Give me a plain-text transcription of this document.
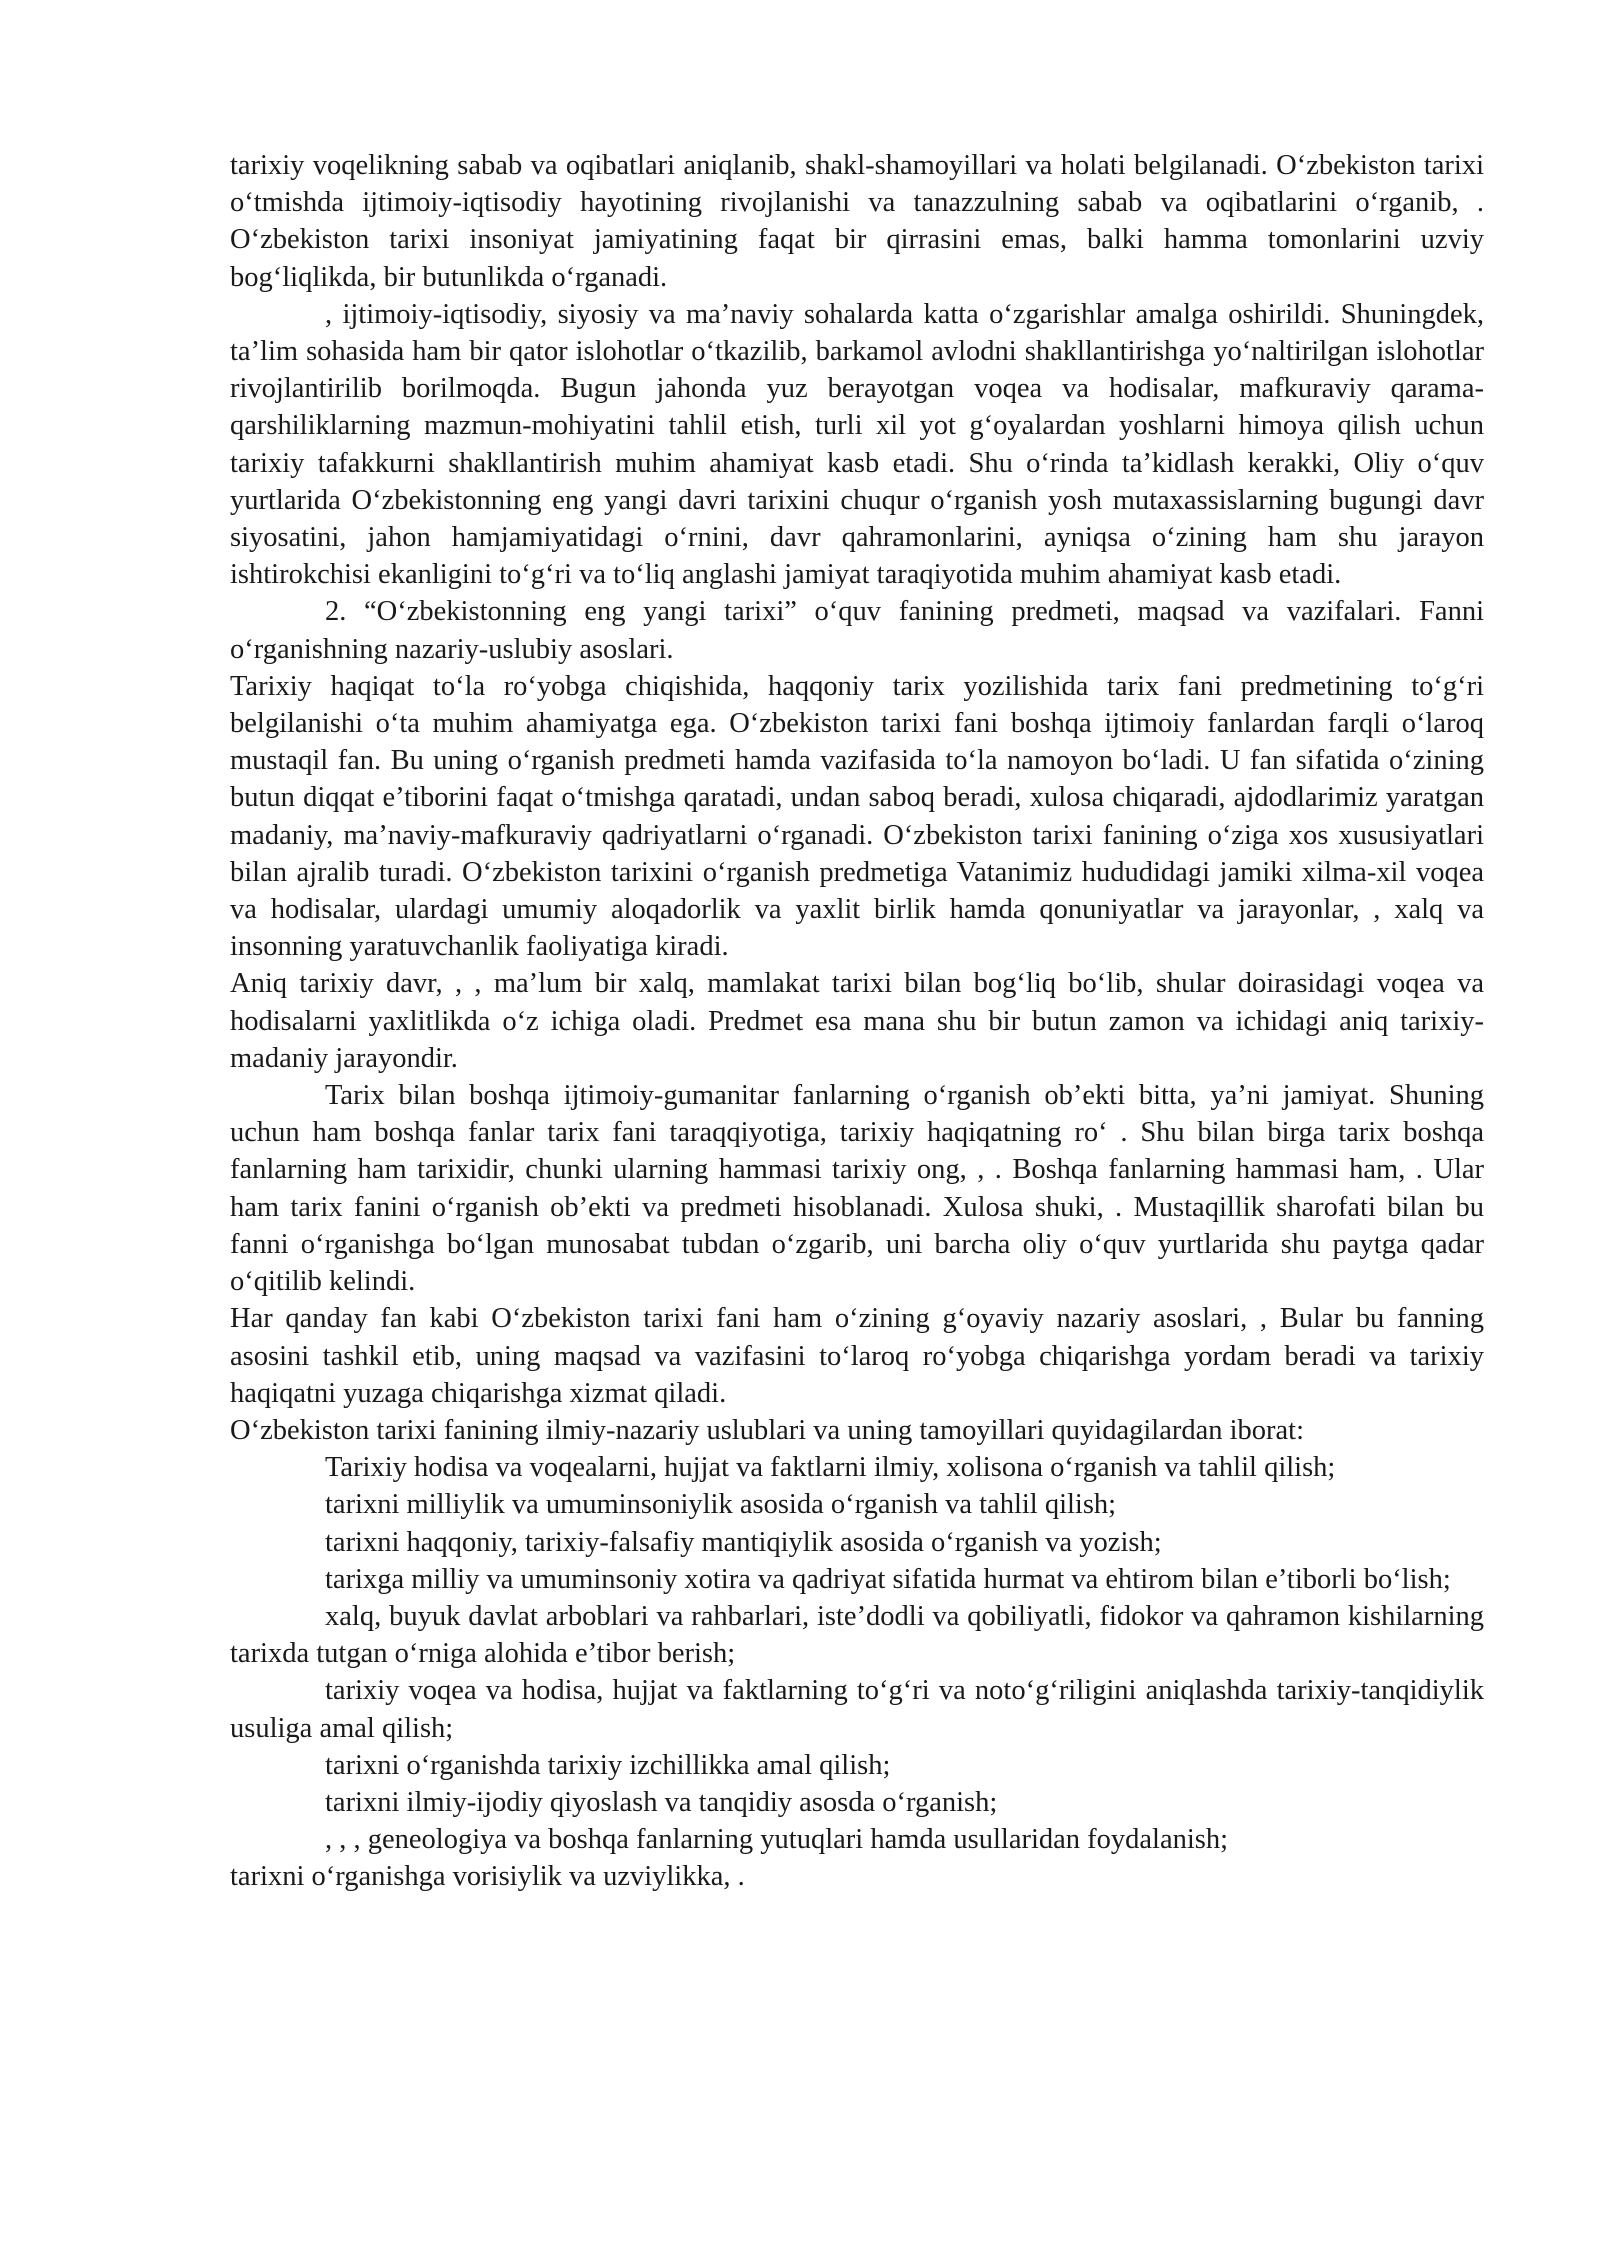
tarixiy voqelikning sabab va oqibatlari aniqlanib, shakl-shamoyillari va holati belgilanadi. O‘zbekiston tarixi o‘tmishda ijtimoiy-iqtisodiy hayotining rivojlanishi va tanazzulning sabab va oqibatlarini o‘rganib, . O‘zbekiston tarixi insoniyat jamiyatining faqat bir qirrasini emas, balki hamma tomonlarini uzviy bog‘liqlikda, bir butunlikda o‘rganadi.

, ijtimoiy-iqtisodiy, siyosiy va ma’naviy sohalarda katta o‘zgarishlar amalga oshirildi. Shuningdek, ta’lim sohasida ham bir qator islohotlar o‘tkazilib, barkamol avlodni shakllantirishga yo‘naltirilgan islohotlar rivojlantirilib borilmoqda. Bugun jahonda yuz berayotgan voqea va hodisalar, mafkuraviy qarama-qarshiliklarning mazmun-mohiyatini tahlil etish, turli xil yot g‘oyalardan yoshlarni himoya qilish uchun tarixiy tafakkurni shakllantirish muhim ahamiyat kasb etadi. Shu o‘rinda ta’kidlash kerakki, Oliy o‘quv yurtlarida O‘zbekistonning eng yangi davri tarixini chuqur o‘rganish yosh mutaxassislarning bugungi davr siyosatini, jahon hamjamiyatidagi o‘rnini, davr qahramonlarini, ayniqsa o‘zining ham shu jarayon ishtirokchisi ekanligini to‘g‘ri va to‘liq anglashi jamiyat taraqiyotida muhim ahamiyat kasb etadi.

2. “O‘zbekistonning eng yangi tarixi” o‘quv fanining predmeti, maqsad va vazifalari. Fanni o‘rganishning nazariy-uslubiy asoslari.

Tarixiy haqiqat to‘la ro‘yobga chiqishida, haqqoniy tarix yozilishida tarix fani predmetining to‘g‘ri belgilanishi o‘ta muhim ahamiyatga ega. O‘zbekiston tarixi fani boshqa ijtimoiy fanlardan farqli o‘laroq mustaqil fan. Bu uning o‘rganish predmeti hamda vazifasida to‘la namoyon bo‘ladi. U fan sifatida o‘zining butun diqqat e’tiborini faqat o‘tmishga qaratadi, undan saboq beradi, xulosa chiqaradi, ajdodlarimiz yaratgan madaniy, ma’naviy-mafkuraviy qadriyatlarni o‘rganadi. O‘zbekiston tarixi fanining o‘ziga xos xususiyatlari bilan ajralib turadi. O‘zbekiston tarixini o‘rganish predmetiga Vatanimiz hududidagi jamiki xilma-xil voqea va hodisalar, ulardagi umumiy aloqadorlik va yaxlit birlik hamda qonuniyatlar va jarayonlar, , xalq va insonning yaratuvchanlik faoliyatiga kiradi.

Aniq tarixiy davr, , , ma’lum bir xalq, mamlakat tarixi bilan bog‘liq bo‘lib, shular doirasidagi voqea va hodisalarni yaxlitlikda o‘z ichiga oladi. Predmet esa mana shu bir butun zamon va ichidagi aniq tarixiy-madaniy jarayondir.

Tarix bilan boshqa ijtimoiy-gumanitar fanlarning o‘rganish ob’ekti bitta, ya’ni jamiyat. Shuning uchun ham boshqa fanlar tarix fani taraqqiyotiga, tarixiy haqiqatning ro‘ . Shu bilan birga tarix boshqa fanlarning ham tarixidir, chunki ularning hammasi tarixiy ong, , . Boshqa fanlarning hammasi ham, . Ular ham tarix fanini o‘rganish ob’ekti va predmeti hisoblanadi. Xulosa shuki, . Mustaqillik sharofati bilan bu fanni o‘rganishga bo‘lgan munosabat tubdan o‘zgarib, uni barcha oliy o‘quv yurtlarida shu paytga qadar o‘qitilib kelindi.

Har qanday fan kabi O‘zbekiston tarixi fani ham o‘zining g‘oyaviy nazariy asoslari, , Bular bu fanning asosini tashkil etib, uning maqsad va vazifasini to‘laroq ro‘yobga chiqarishga yordam beradi va tarixiy haqiqatni yuzaga chiqarishga xizmat qiladi.

O‘zbekiston tarixi fanining ilmiy-nazariy uslublari va uning tamoyillari quyidagilardan iborat:

Tarixiy hodisa va voqealarni, hujjat va faktlarni ilmiy, xolisona o‘rganish va tahlil qilish;

tarixni milliylik va umuminsoniylik asosida o‘rganish va tahlil qilish;

tarixni haqqoniy, tarixiy-falsafiy mantiqiylik asosida o‘rganish va yozish;

tarixga milliy va umuminsoniy xotira va qadriyat sifatida hurmat va ehtirom bilan e’tiborli bo‘lish;

xalq, buyuk davlat arboblari va rahbarlari, iste’dodli va qobiliyatli, fidokor va qahramon kishilarning tarixda tutgan o‘rniga alohida e’tibor berish;

tarixiy voqea va hodisa, hujjat va faktlarning to‘g‘ri va noto‘g‘riligini aniqlashda tarixiy-tanqidiylik usuliga amal qilish;

tarixni o‘rganishda tarixiy izchillikka amal qilish;

tarixni ilmiy-ijodiy qiyoslash va tanqidiy asosda o‘rganish;

, , , geneologiya va boshqa fanlarning yutuqlari hamda usullaridan foydalanish;

tarixni o‘rganishga vorisiylik va uzviylikka, .
